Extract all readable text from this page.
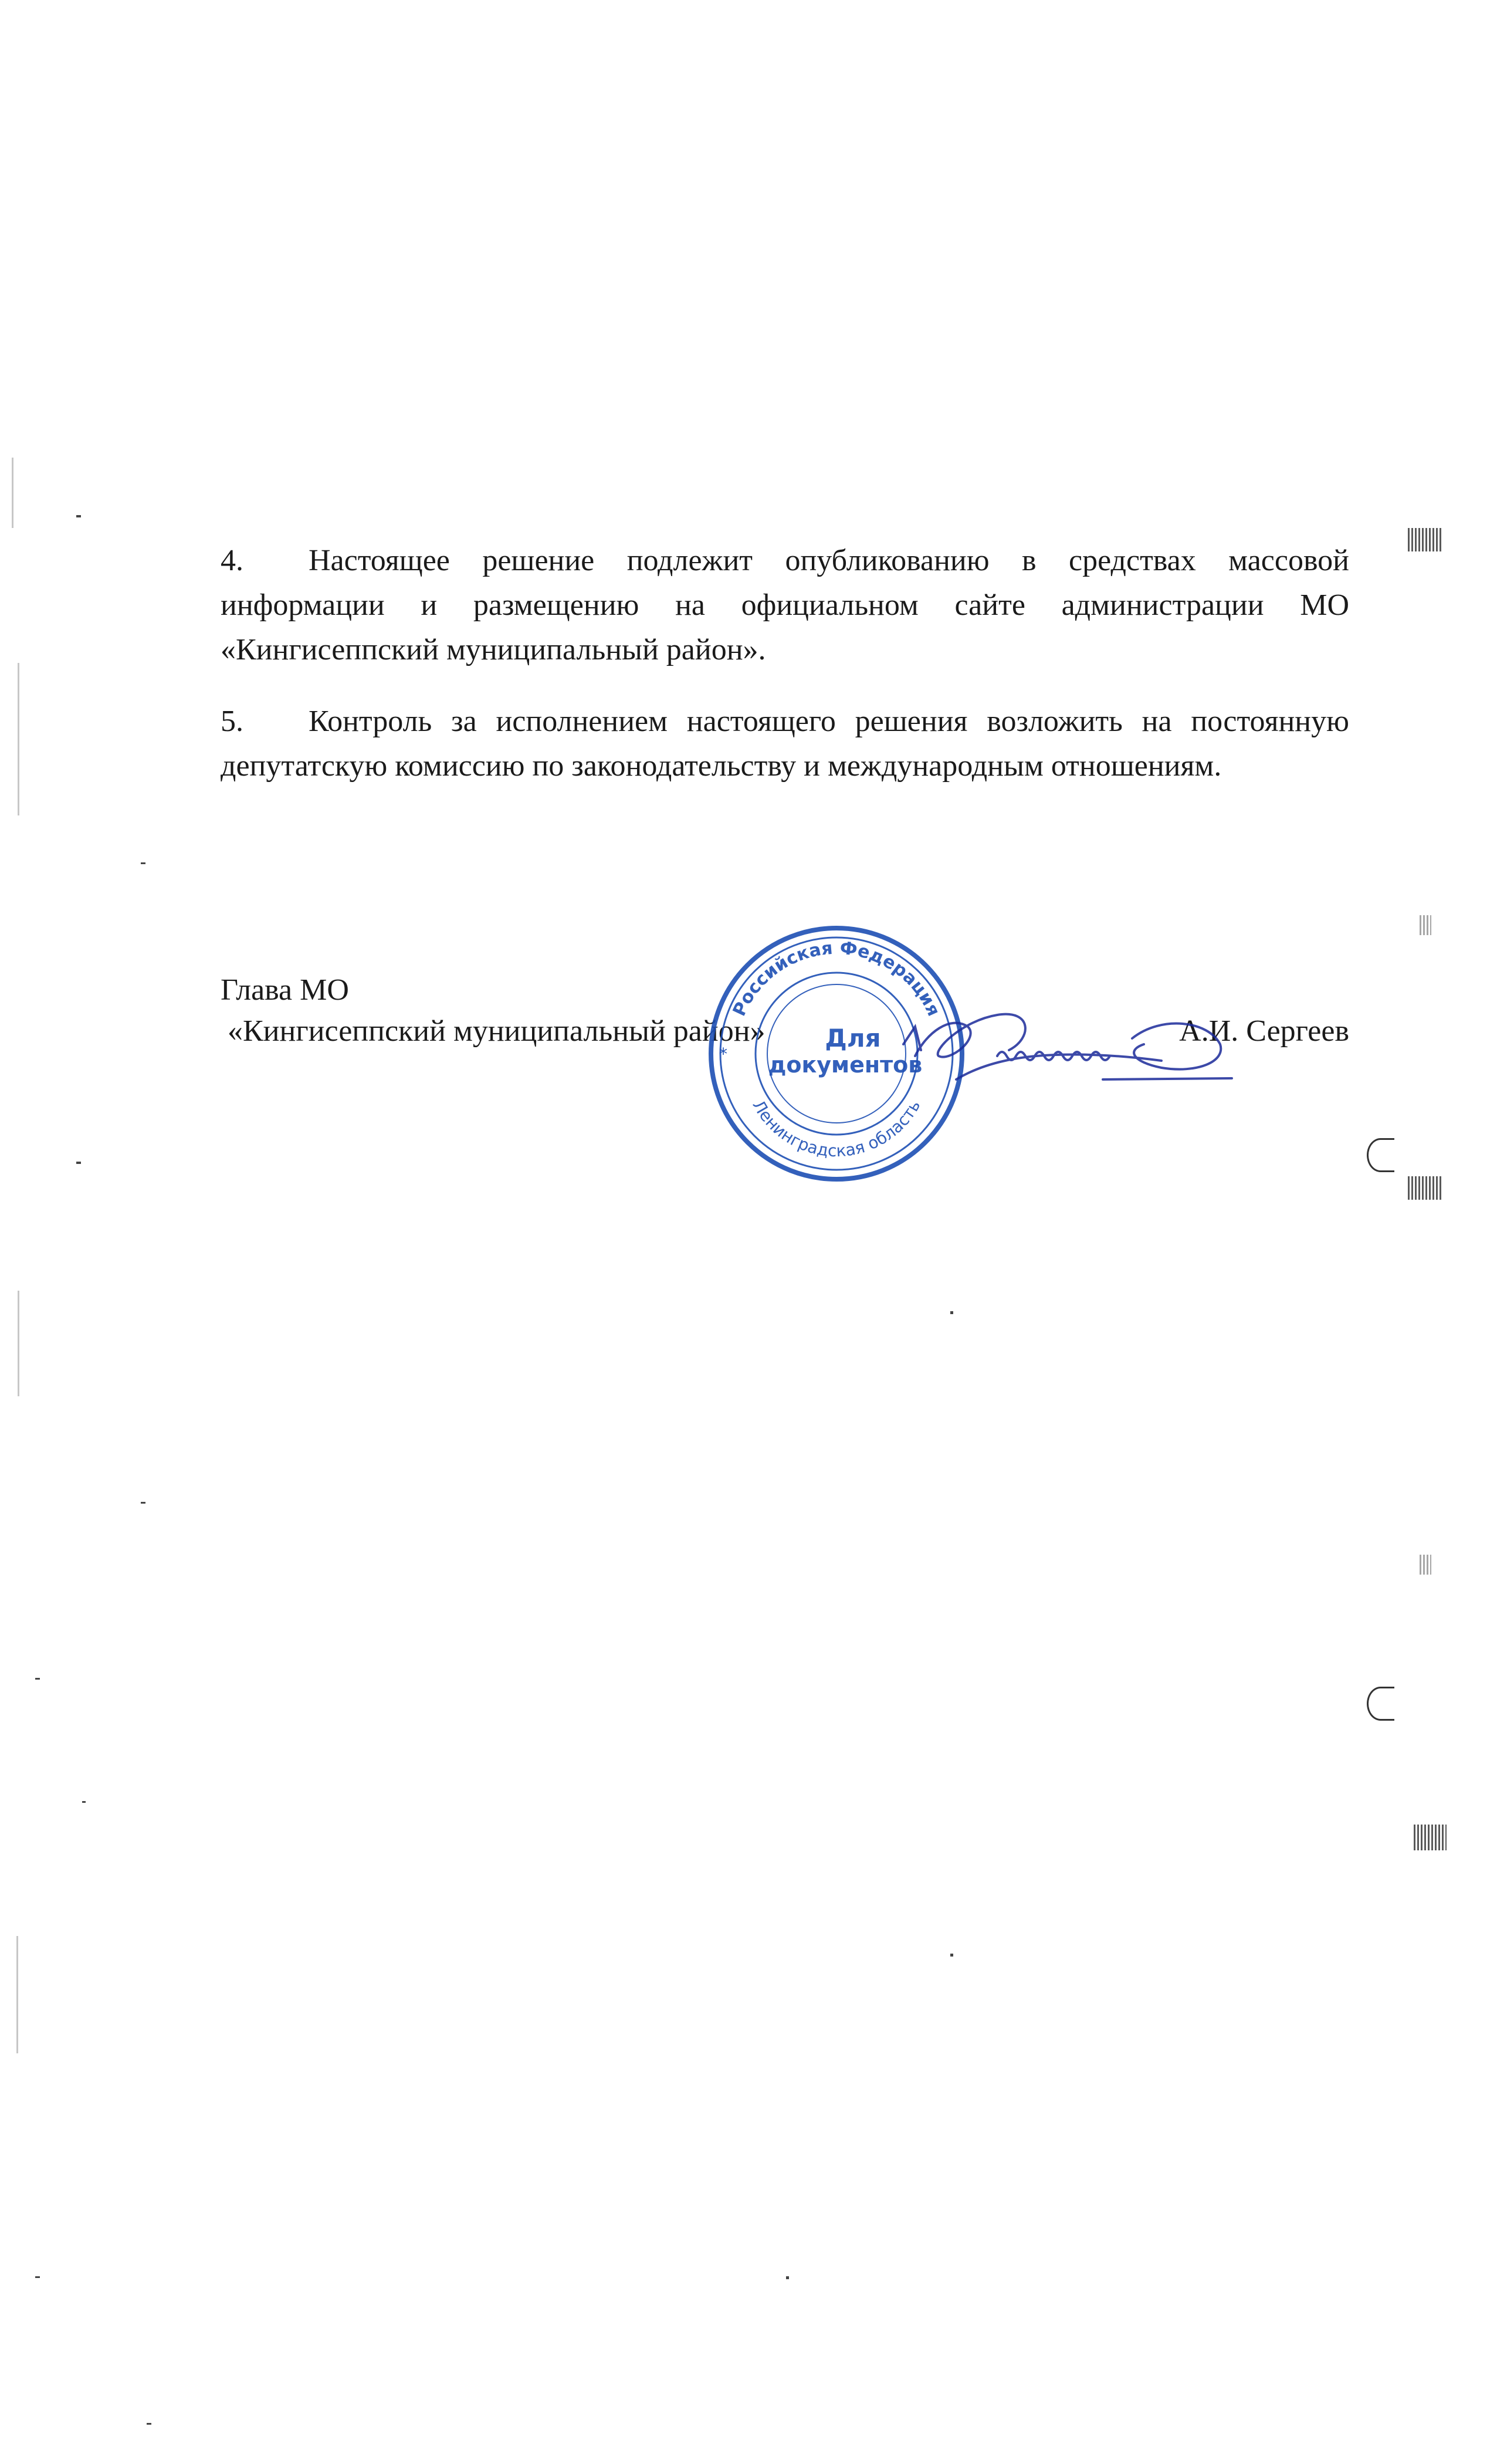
4. Настоящее решение подлежит опубликованию в средствах массовой информации и размещению на официальном сайте администрации МО «Кингисеппский муниципальный район».

5. Контроль за исполнением настоящего решения возложить на постоянную депутатскую комиссию по законодательству и международным отношениям.

Глава МО
«Кингисеппский муниципальный район»	А.И. Сергеев
Российская Федерация
Ленинградская область
Для
документов
*
